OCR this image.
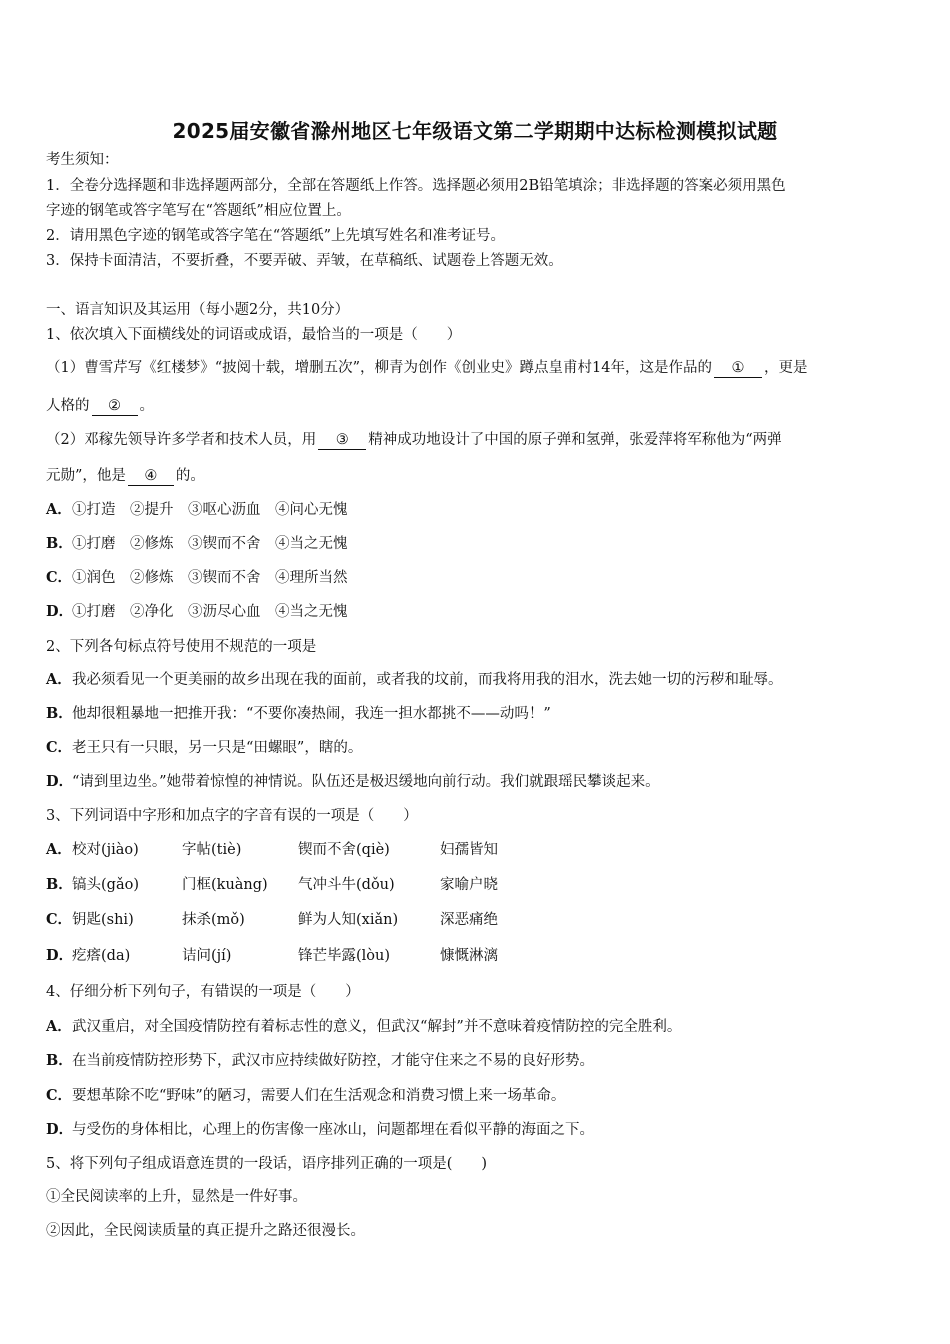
2025届安徽省滁州地区七年级语文第二学期期中达标检测模拟试题
考生须知：
1．全卷分选择题和非选择题两部分，全部在答题纸上作答。选择题必须用2B铅笔填涂；非选择题的答案必须用黑色
字迹的钢笔或答字笔写在“答题纸”相应位置上。
2．请用黑色字迹的钢笔或答字笔在“答题纸”上先填写姓名和准考证号。
3．保持卡面清洁，不要折叠，不要弄破、弄皱，在草稿纸、试题卷上答题无效。
一、语言知识及其运用（每小题2分，共10分）
1、依次填入下面横线处的词语或成语，最恰当的一项是（　　）
（1）曹雪芹写《红楼梦》“披阅十载，增删五次”，柳青为创作《创业史》蹲点皇甫村14年，这是作品的 ① ，更是
人格的 ② 。
（2）邓稼先领导许多学者和技术人员，用 ③ 精神成功地设计了中国的原子弹和氢弹，张爱萍将军称他为“两弹
元勋”，他是 ④ 的。
A．①打造　②提升　③呕心沥血　④问心无愧
B．①打磨　②修炼　③锲而不舍　④当之无愧
C．①润色　②修炼　③锲而不舍　④理所当然
D．①打磨　②净化　③沥尽心血　④当之无愧
2、下列各句标点符号使用不规范的一项是
A．我必须看见一个更美丽的故乡出现在我的面前，或者我的坟前，而我将用我的泪水，洗去她一切的污秽和耻辱。
B．他却很粗暴地一把推开我：“不要你凑热闹，我连一担水都挑不——动吗！”
C．老王只有一只眼，另一只是“田螺眼”，瞎的。
D．“请到里边坐。”她带着惊惶的神情说。队伍还是极迟缓地向前行动。我们就跟瑶民攀谈起来。
3、下列词语中字形和加点字的字音有误的一项是（　　）
A．校对(jiào)	字帖(tiè)	锲而不舍(qiè)	妇孺皆知
B．镐头(gǎo)	门框(kuàng) 气冲斗牛(dǒu)	家喻户晓
C．钥匙(shi)	抹杀(mǒ)	鲜为人知(xiǎn)	深恶痛绝
D．疙瘩(da)	诘问(jí)	锋芒毕露(lòu)	慷慨淋漓
4、仔细分析下列句子，有错误的一项是（　　）
A．武汉重启，对全国疫情防控有着标志性的意义，但武汉“解封”并不意味着疫情防控的完全胜利。
B．在当前疫情防控形势下，武汉市应持续做好防控，才能守住来之不易的良好形势。
C．要想革除不吃“野味”的陋习，需要人们在生活观念和消费习惯上来一场革命。
D．与受伤的身体相比，心理上的伤害像一座冰山，问题都埋在看似平静的海面之下。
5、将下列句子组成语意连贯的一段话，语序排列正确的一项是(　　)
①全民阅读率的上升，显然是一件好事。
②因此，全民阅读质量的真正提升之路还很漫长。
